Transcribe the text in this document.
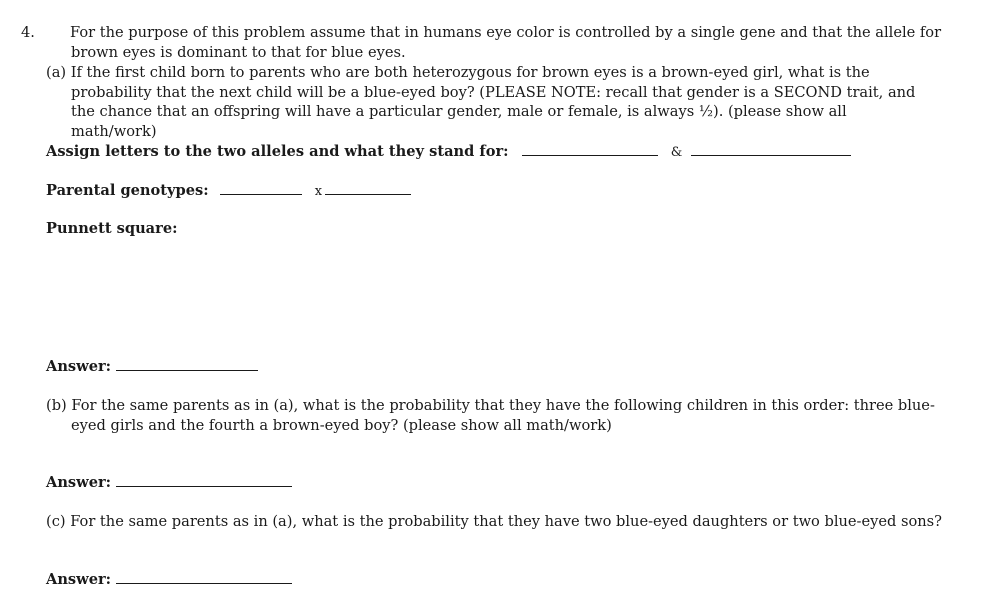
4. For the purpose of this problem assume that in humans eye color is controlled by a single gene and that the allele for brown eyes is dominant to that for blue eyes.
(a) If the first child born to parents who are both heterozygous for brown eyes is a brown-eyed girl, what is the probability that the next child will be a blue-eyed boy? (PLEASE NOTE: recall that gender is a SECOND trait, and the chance that an offspring will have a particular gender, male or female, is always ½). (please show all math/work)
Assign letters to the two alleles and what they stand for:	&
Parental genotypes:	x
Punnett square:
Answer:
(b) For the same parents as in (a), what is the probability that they have the following children in this order: three blue-eyed girls and the fourth a brown-eyed boy? (please show all math/work)
Answer:
(c) For the same parents as in (a), what is the probability that they have two blue-eyed daughters or two blue-eyed sons?
Answer:
